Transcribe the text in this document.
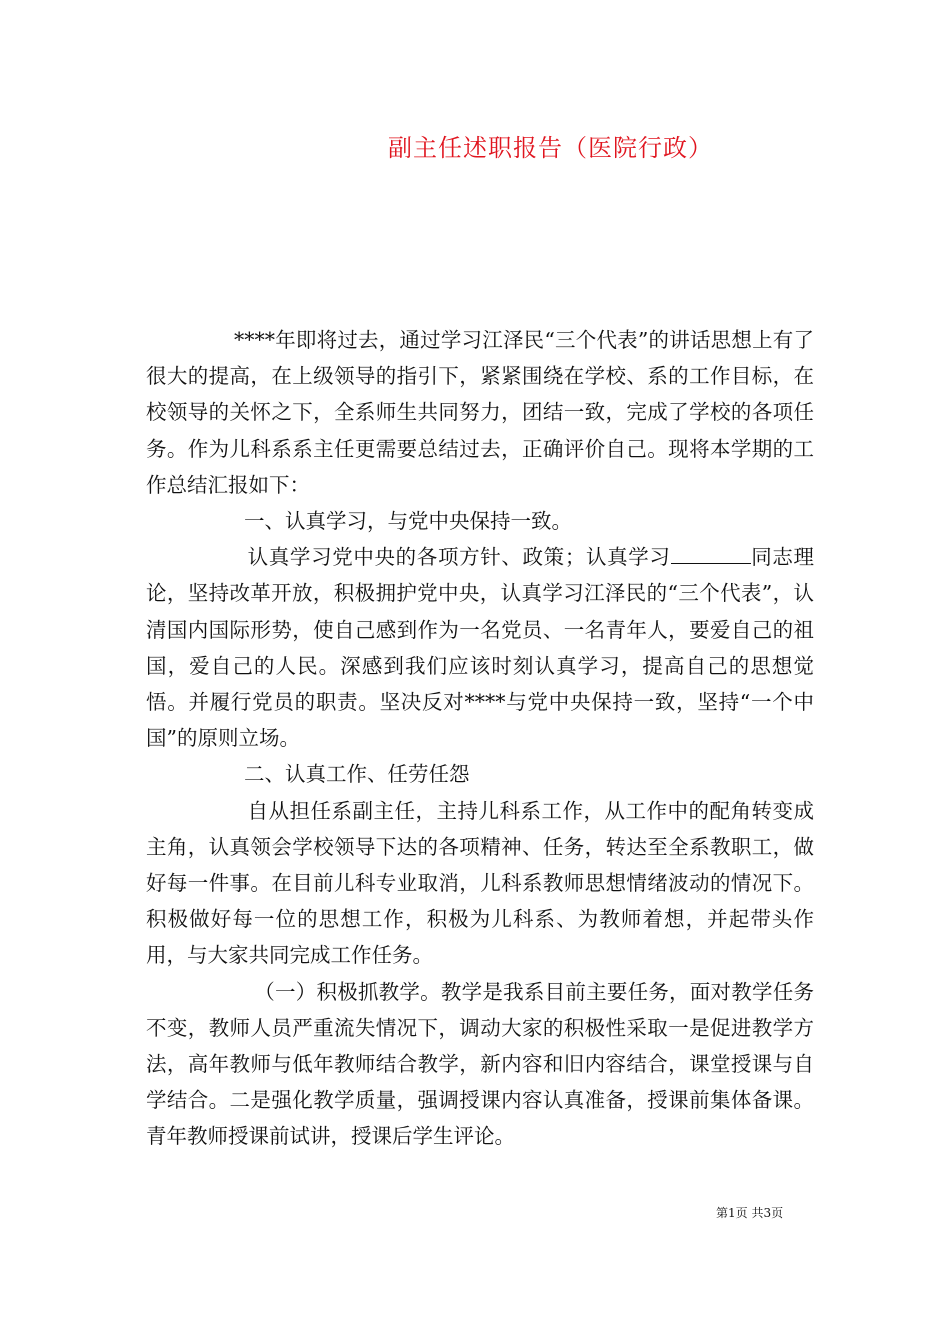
副主任述职报告（医院行政）

****年即将过去，通过学习江泽民“三个代表”的讲话思想上有了很大的提高，在上级领导的指引下，紧紧围绕在学校、系的工作目标，在校领导的关怀之下，全系师生共同努力，团结一致，完成了学校的各项任务。作为儿科系系主任更需要总结过去，正确评价自己。现将本学期的工作总结汇报如下：

一、认真学习，与党中央保持一致。

认真学习党中央的各项方针、政策；认真学习	同志理论，坚持改革开放，积极拥护党中央，认真学习江泽民的“三个代表”，认清国内国际形势，使自己感到作为一名党员、一名青年人，要爱自己的祖国，爱自己的人民。深感到我们应该时刻认真学习，提高自己的思想觉悟。并履行党员的职责。坚决反对****与党中央保持一致，坚持“一个中国”的原则立场。

二、认真工作、任劳任怨

自从担任系副主任，主持儿科系工作，从工作中的配角转变成主角，认真领会学校领导下达的各项精神、任务，转达至全系教职工，做好每一件事。在目前儿科专业取消，儿科系教师思想情绪波动的情况下。积极做好每一位的思想工作，积极为儿科系、为教师着想，并起带头作用，与大家共同完成工作任务。

（一）积极抓教学。教学是我系目前主要任务，面对教学任务不变，教师人员严重流失情况下，调动大家的积极性采取一是促进教学方法，高年教师与低年教师结合教学，新内容和旧内容结合，课堂授课与自学结合。二是强化教学质量，强调授课内容认真准备，授课前集体备课。青年教师授课前试讲，授课后学生评论。

第1页 共3页
